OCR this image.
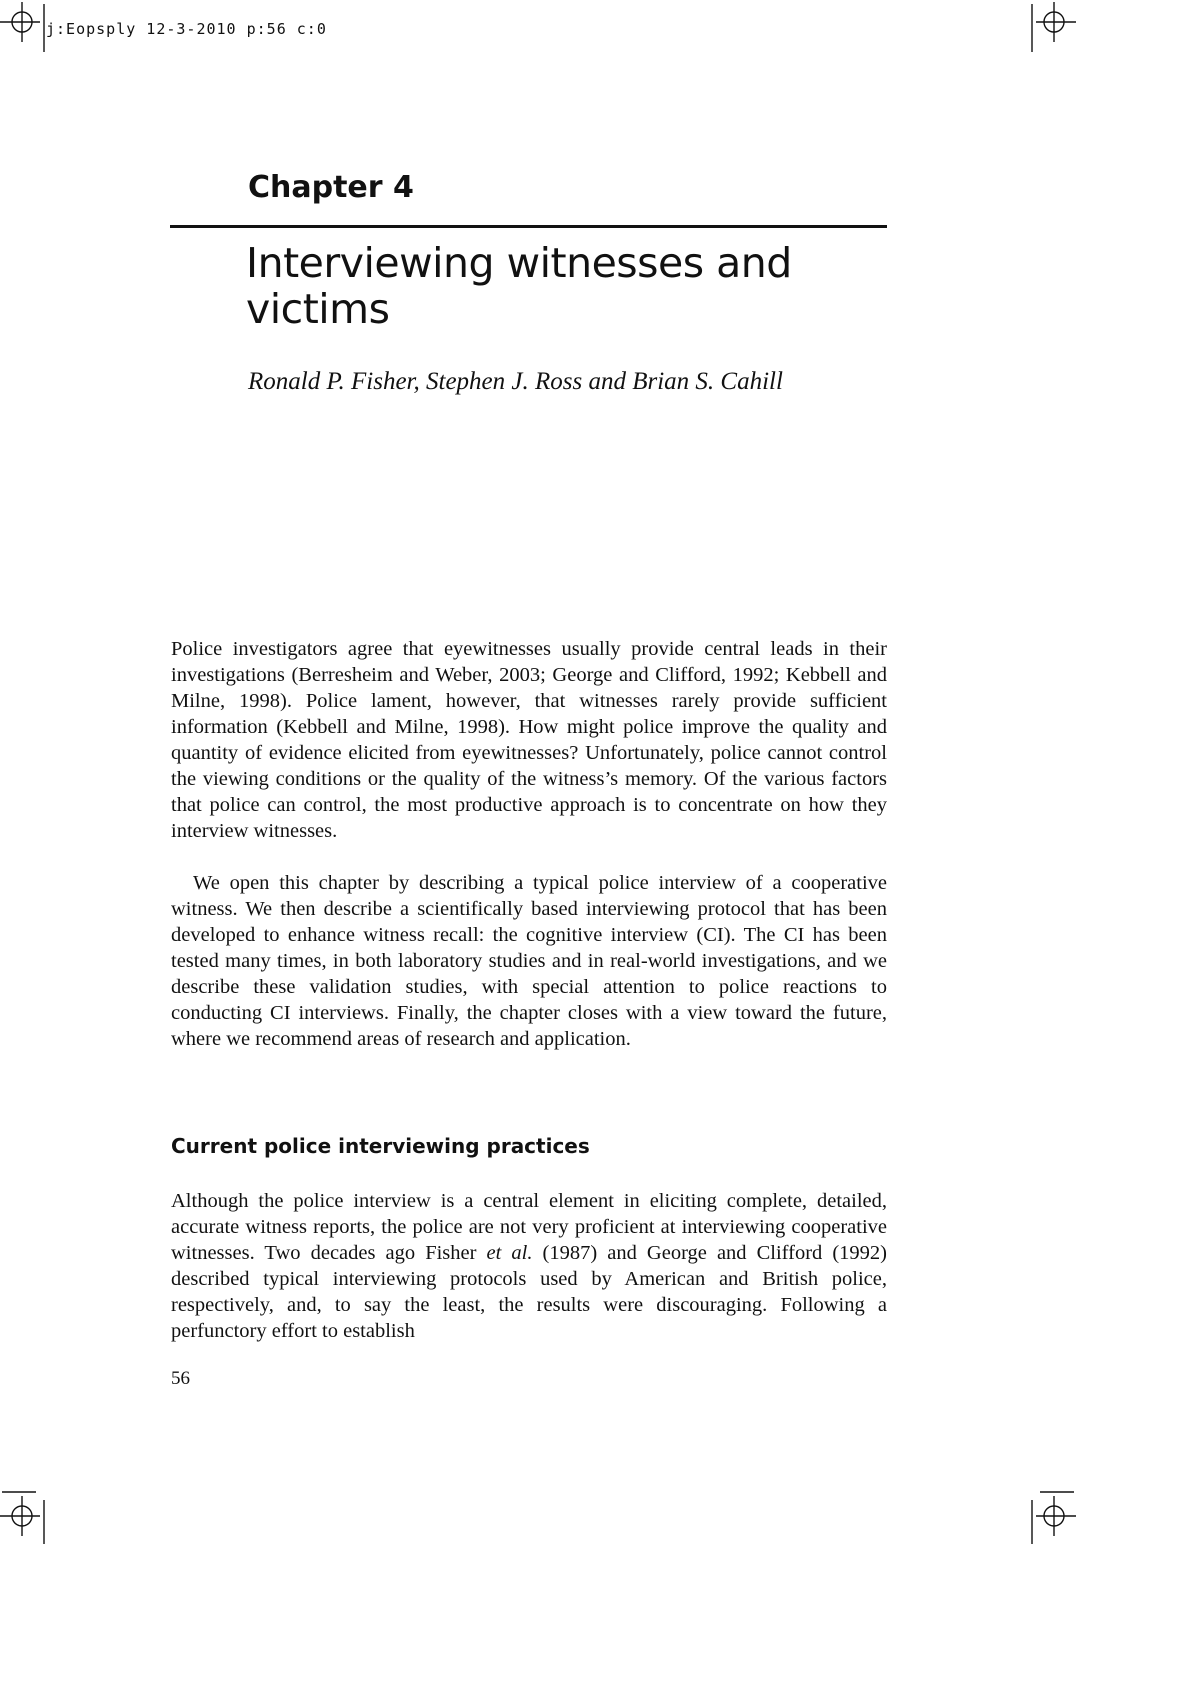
j:Eopsply 12-3-2010 p:56 c:0
Chapter 4
Interviewing witnesses and victims

Ronald P. Fisher, Stephen J. Ross and Brian S. Cahill

Police investigators agree that eyewitnesses usually provide central leads in their investigations (Berresheim and Weber, 2003; George and Clifford, 1992; Kebbell and Milne, 1998). Police lament, however, that witnesses rarely provide sufficient information (Kebbell and Milne, 1998). How might police improve the quality and quantity of evidence elicited from eyewitnesses? Unfortunately, police cannot control the viewing conditions or the quality of the witness’s memory. Of the various factors that police can control, the most productive approach is to concentrate on how they interview witnesses.

We open this chapter by describing a typical police interview of a cooperative witness. We then describe a scientifically based interviewing protocol that has been developed to enhance witness recall: the cognitive interview (CI). The CI has been tested many times, in both laboratory studies and in real-world investigations, and we describe these validation studies, with special attention to police reactions to conducting CI interviews. Finally, the chapter closes with a view toward the future, where we recommend areas of research and application.

Current police interviewing practices

Although the police interview is a central element in eliciting complete, detailed, accurate witness reports, the police are not very proficient at interviewing cooperative witnesses. Two decades ago Fisher et al. (1987) and George and Clifford (1992) described typical interviewing protocols used by American and British police, respectively, and, to say the least, the results were discouraging. Following a perfunctory effort to establish

56
